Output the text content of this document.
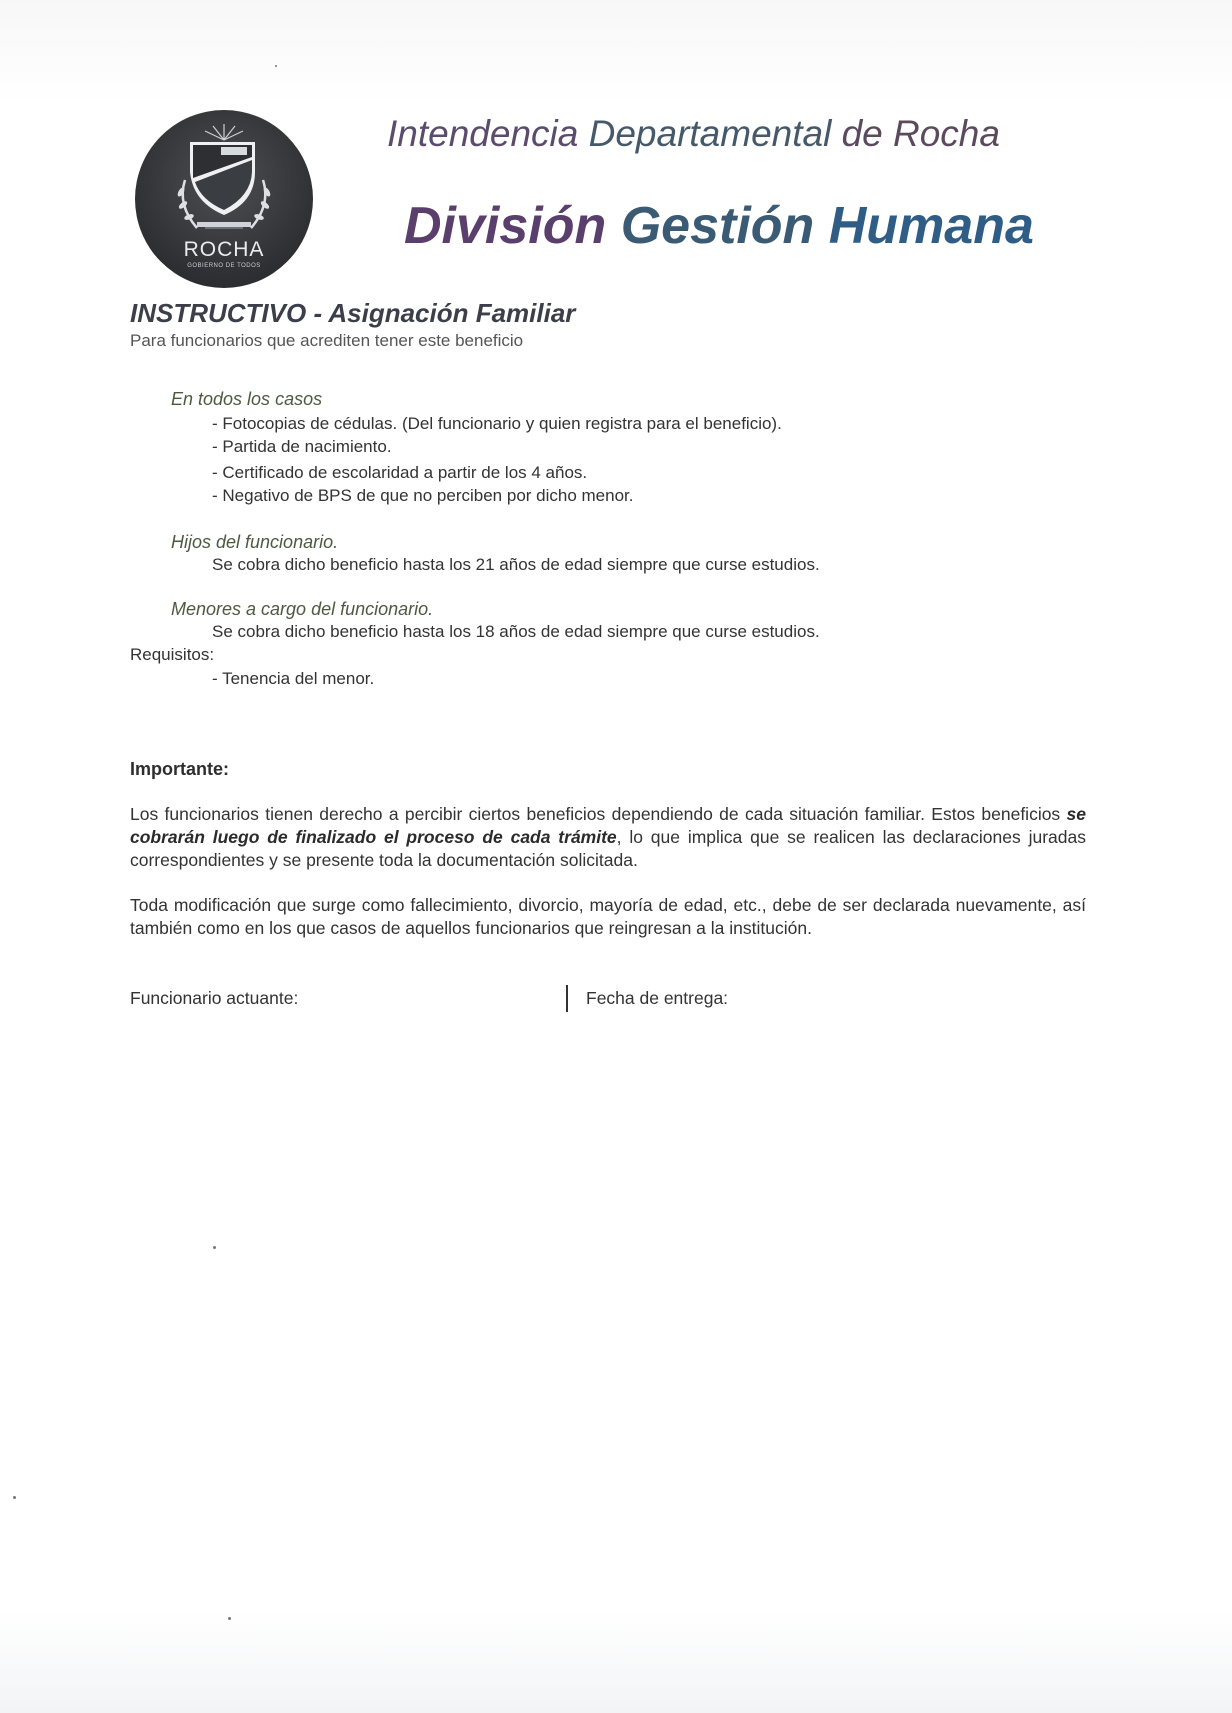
ROCHA
GOBIERNO DE TODOS
Intendencia Departamental de Rocha
División Gestión Humana
INSTRUCTIVO - Asignación Familiar
Para funcionarios que acrediten tener este beneficio
En todos los casos
- Fotocopias de cédulas. (Del funcionario y quien registra para el beneficio).
- Partida de nacimiento.
- Certificado de escolaridad a partir de los 4 años.
- Negativo de BPS de que no perciben por dicho menor.
Hijos del funcionario.
Se cobra dicho beneficio hasta los 21 años de edad siempre que curse estudios.
Menores a cargo del funcionario.
Se cobra dicho beneficio hasta los 18 años de edad siempre que curse estudios.
Requisitos:
- Tenencia del menor.
Importante:
Los funcionarios tienen derecho a percibir ciertos beneficios dependiendo de cada situación familiar. Estos beneficios se cobrarán luego de finalizado el proceso de cada trámite, lo que implica que se realicen las declaraciones juradas correspondientes y se presente toda la documentación solicitada.
Toda modificación que surge como fallecimiento, divorcio, mayoría de edad, etc., debe de ser declarada nuevamente, así también como en los que casos de aquellos funcionarios que reingresan a la institución.
Funcionario actuante:	Fecha de entrega:
